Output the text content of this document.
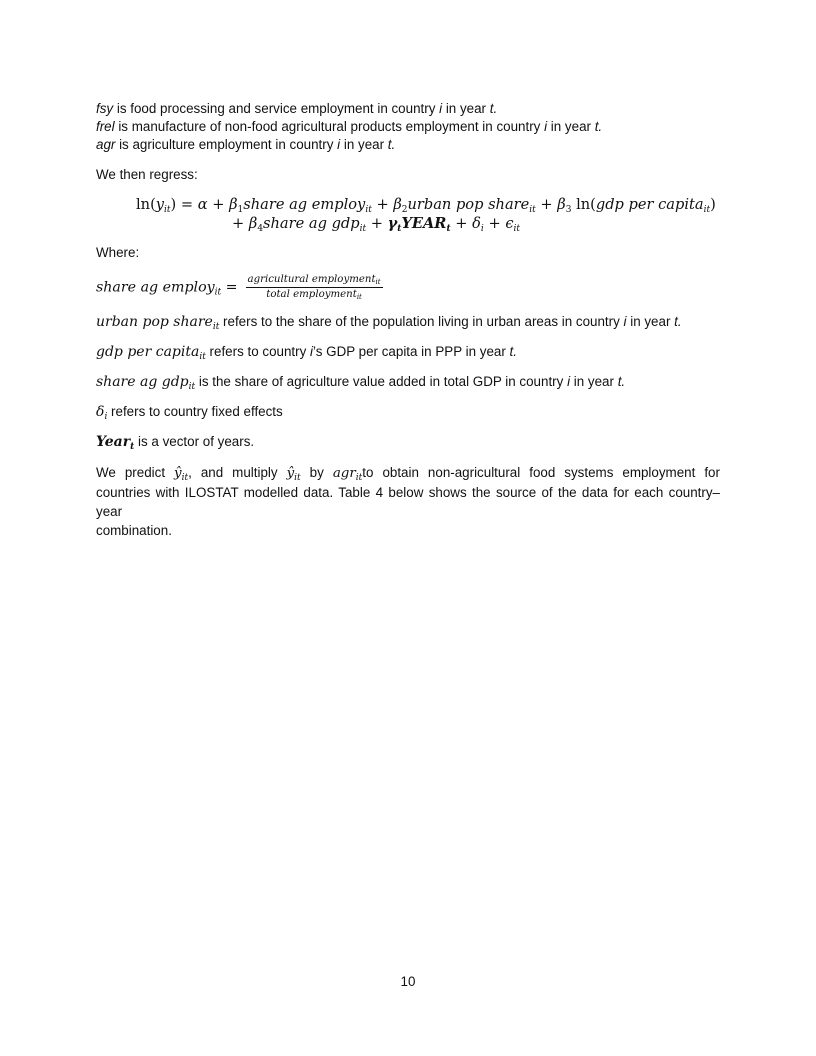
fsy is food processing and service employment in country i in year t.
frel is manufacture of non-food agricultural products employment in country i in year t.
agr is agriculture employment in country i in year t.
We then regress:
$\ln(y_{it}) = \alpha$ + $\beta_1share$ ag employ$_{it}$ + $\beta_2urban$ pop share$_{it}$ + $\beta_3$ ln(gdp per capita$_{it}$)
+ $\beta_4share$ ag $gdp_{it} + \gamma_tYEAR_t + \delta_i + \epsilon_{it}$
Where:
share ag employ$_{it}$ = $\frac{agricultural employment_{it}}{total employment_{it}}$
urban pop share$_{it}$ refers to the share of the population living in urban areas in country i in year t.
gdp per capita$_{it}$ refers to country i’s GDP per capita in PPP in year t.
share ag gdp$_{it}$ is the share of agriculture value added in total GDP in country i in year t.
$\delta_i$ refers to country fixed effects
Year$_t$ is a vector of years.
We predict $ŷ_{it}$, and multiply $ŷ_{it}$ by agr$_{it}$to obtain non-agricultural food systems employment for
countries with ILOSTAT modelled data. Table 4 below shows the source of the data for each country–year
combination.
10
